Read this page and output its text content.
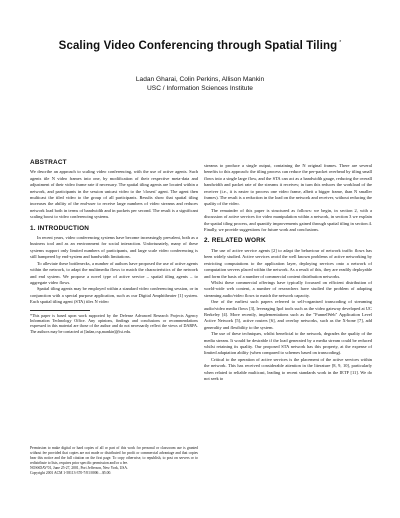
Scaling Video Conferencing through Spatial Tiling *
Ladan Gharai, Colin Perkins, Allison Mankin
USC / Information Sciences Institute
ABSTRACT

We describe an approach to scaling video conferencing, with the use of active agents. Such agents tile N video frames into one, by modification of their respective meta-data and adjustment of their video frame rate if necessary. The spatial tiling agents are located within a network, and participants in the session unicast video to the 'closest' agent. The agent then multicast the tiled video to the group of all participants. Results show that spatial tiling increases the ability of the end-user to receive large numbers of video streams and reduces network load both in terms of bandwidth and in packets per second. The result is a significant scaling boost to video conferencing systems.

1. INTRODUCTION

In recent years, video conferencing systems have become increasingly prevalent, both as a business tool and as an environment for social interaction. Unfortunately, many of these systems support only limited numbers of participants, and large scale video conferencing is still hampered by end-system and bandwidth limitations.

To alleviate these bottlenecks, a number of authors have proposed the use of active agents within the network, to adapt the multimedia flows to match the characteristics of the network and end system. We propose a novel type of active service – spatial tiling agents – to aggregate video flows.

Spatial tiling agents may be employed within a standard video conferencing session, or in conjunction with a special purpose application, such as our Digital Amphitheater [1] system. Each spatial tiling agent (STA) tiles N video

*This paper is based upon work supported by the Defense Advanced Research Projects Agency Information Technology Office. Any opinions, findings and conclusions or recommendations expressed in this material are those of the author and do not necessarily reflect the views of DARPA. The authors may be contacted at [ladan,csp,mankin]@isi.edu.
Permission to make digital or hard copies of all or part of this work for personal or classroom use is granted without fee provided that copies are not made or distributed for profit or commercial advantage and that copies bear this notice and the full citation on the first page. To copy otherwise, to republish, to post on servers or to redistribute to lists, requires prior specific permission and/or a fee.
NOSSDAV'01, June 25-27, 2001, Port Jefferson, New York, USA.
Copyright 2001 ACM 1-58113-370-7/01/0006 ...$5.00.

streams to produce a single output, containing the N original frames. There are several benefits to this approach: the tiling process can reduce the per-packet overhead by tiling small flows into a single large flow, and the STA can act as a bandwidth gauge, reducing the overall bandwidth and packet rate of the streams it receives; in turn this reduces the workload of the receiver (i.e., it is easier to process one video frame, albeit a bigger frame, than N smaller frames). The result is a reduction in the load on the network and receiver, without reducing the quality of the video.

The remainder of this paper is structured as follows: we begin, in section 2, with a discussion of active services for video manipulation within a network, in section 3 we explain the spatial tiling process, and quantify improvements gained through spatial tiling in section 4. Finally, we provide suggestions for future work and conclusions.

2. RELATED WORK

The use of active service agents [2] to adapt the behaviour of network traffic flows has been widely studied. Active services avoid the well known problems of active networking by restricting computations to the application layer, deploying services onto a network of computation servers placed within the network. As a result of this, they are readily deployable and form the basis of a number of commercial content distribution networks.

Whilst these commercial offerings have typically focussed on efficient distribution of world-wide web content, a number of researchers have studied the problem of adapting streaming audio/video flows to match the network capacity.

One of the earliest such papers referred to self-organised transcoding of streaming audio/video media flows [3], leveraging Ipol tools such as the video gateway developed at UC Berkeley [4]. More recently, implementations such as the "FunnelWeb" Application Level Active Network [5], active routers [6], and overlay networks, such as the X-bone [7], add generality and flexibility to the system.

The use of these techniques, whilst beneficial to the network, degrades the quality of the media stream. It would be desirable if the load generated by a media stream could be reduced whilst retaining its quality. Our proposed STA network has this property, at the expense of limited adaptation ability (when compared to schemes based on transcoding).

Critical to the operation of active services is the placement of the active services within the network. This has received considerable attention in the literature [8, 9, 10], particularly when related to reliable multicast, leading to recent standards work in the IETF [11]. We do not seek to
